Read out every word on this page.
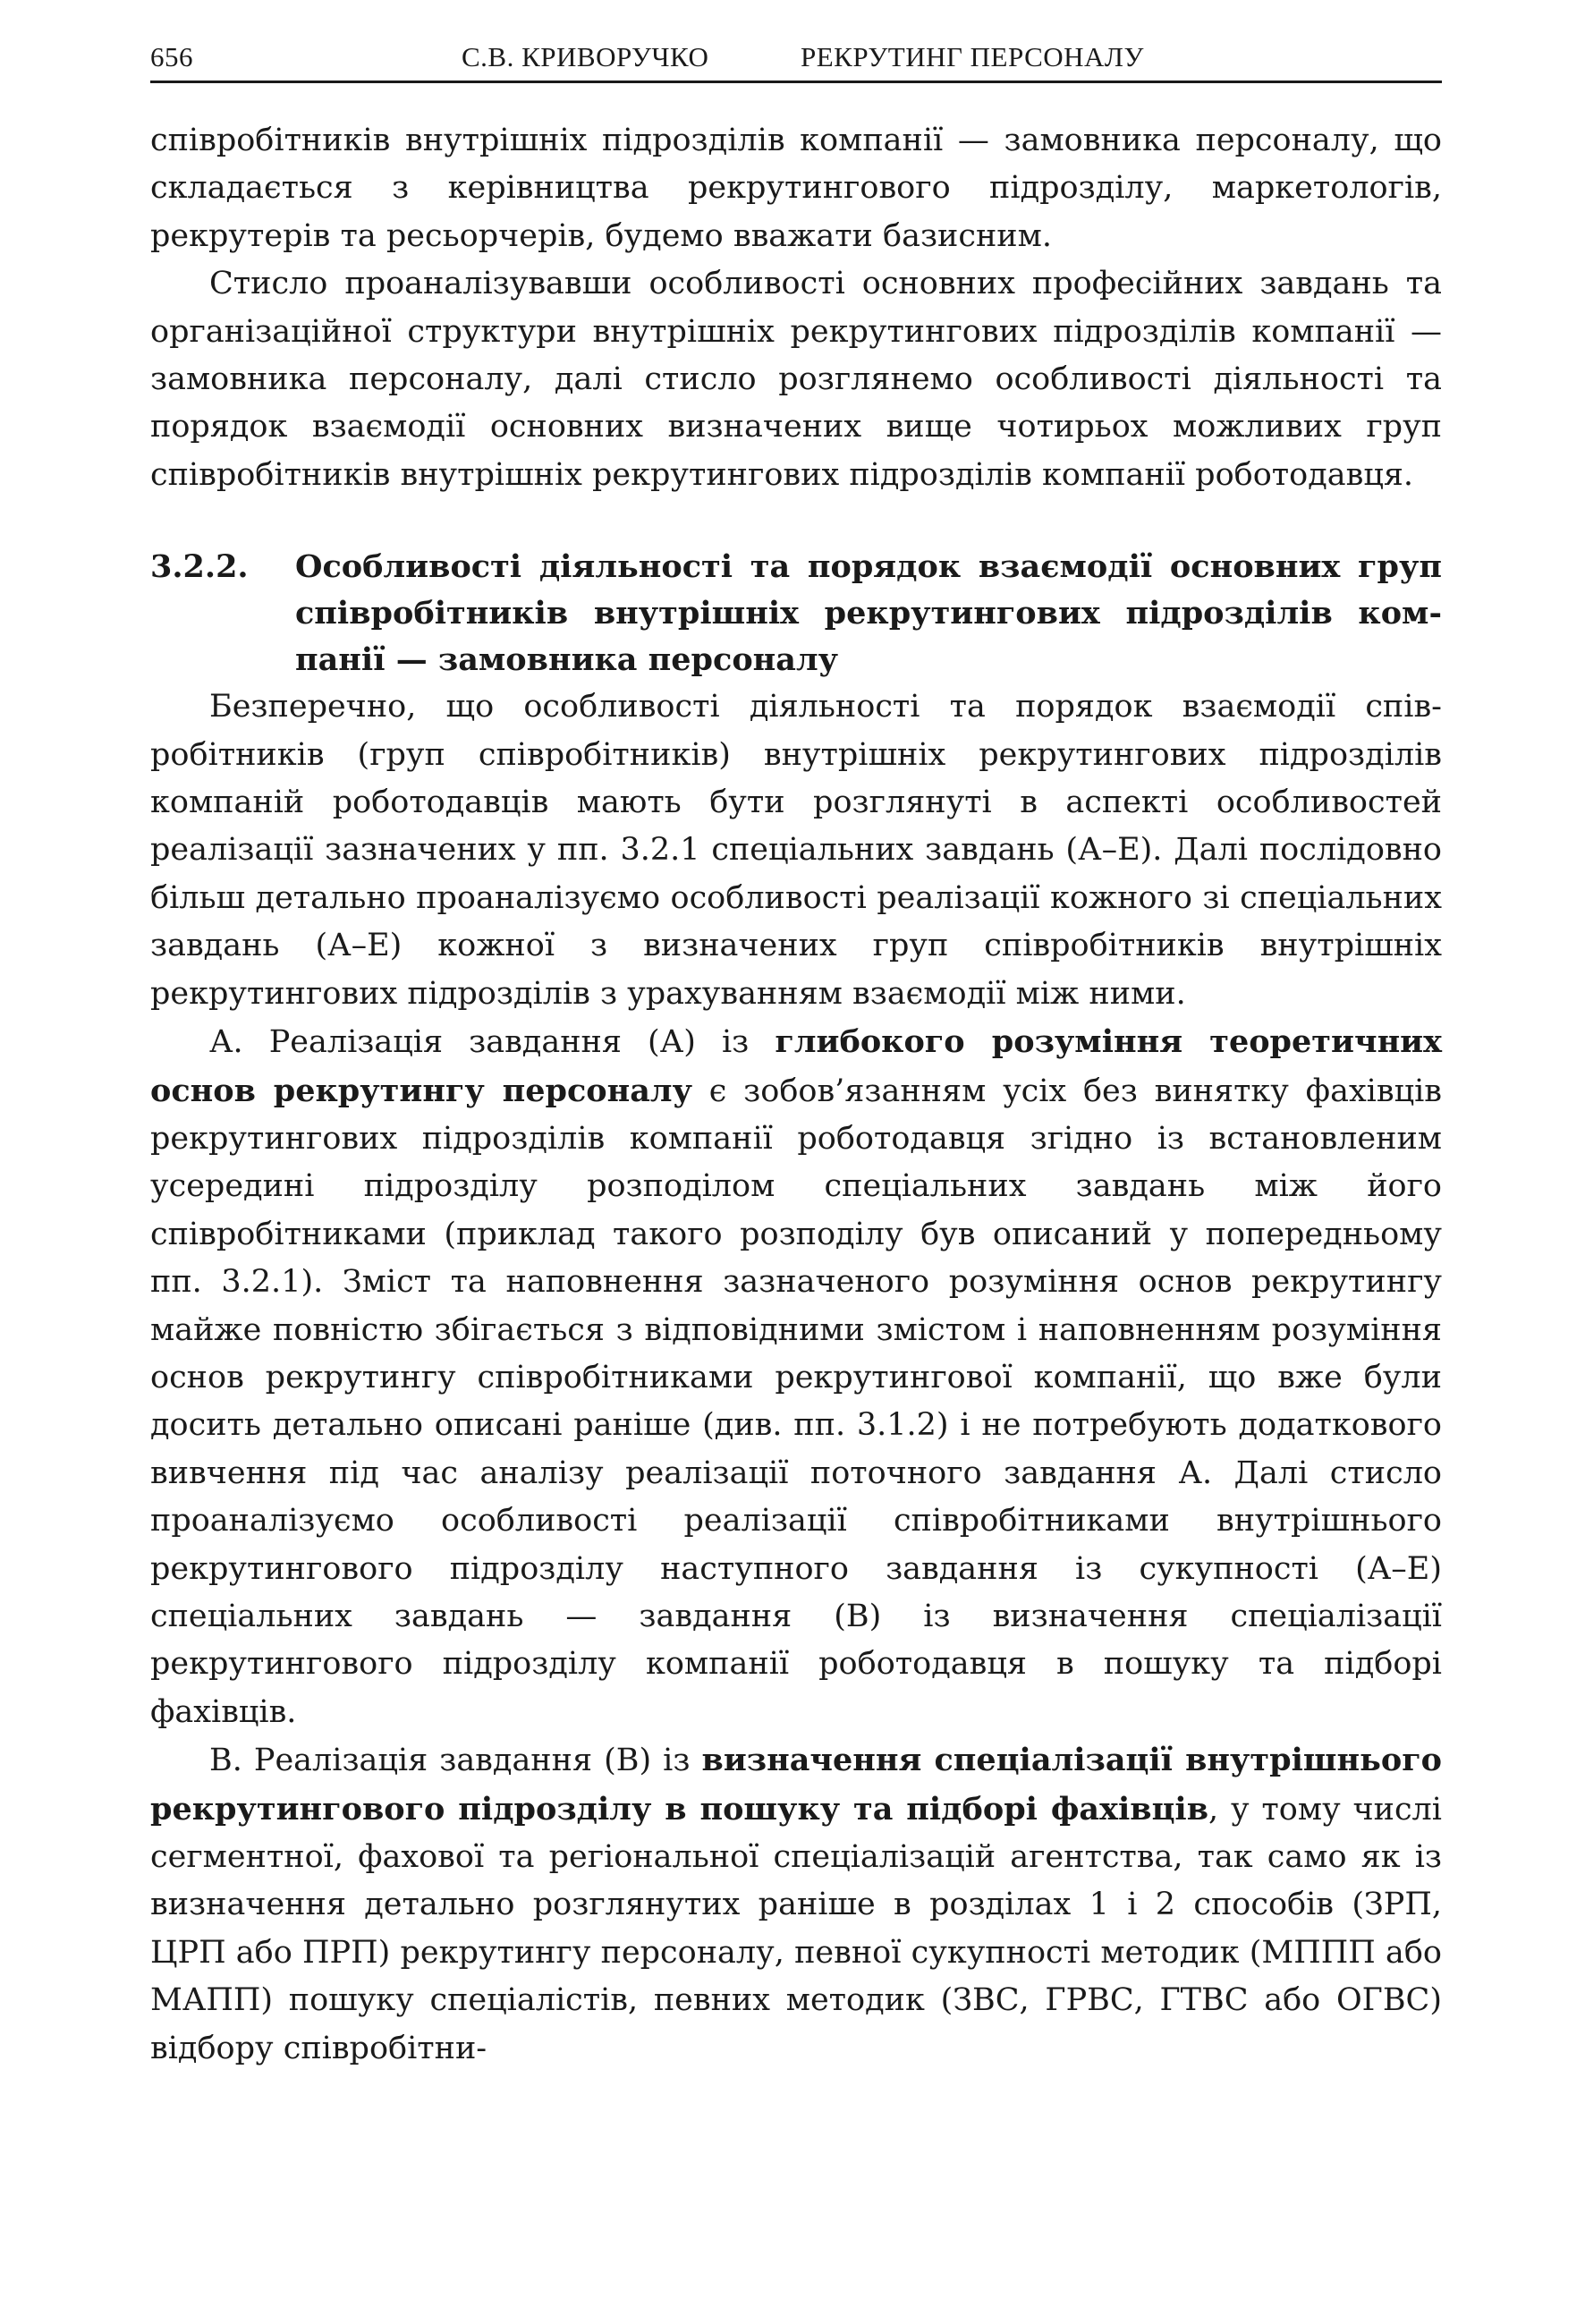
656	С.В. КРИВОРУЧКО	РЕКРУТИНГ ПЕРСОНАЛУ

співробітників внутрішніх підрозділів компанії — замовника персоналу, що складається з керівництва рекрутингового підрозділу, маркетологів, рекрутерів та ресьорчерів, будемо вважати базисним.

Стисло проаналізувавши особливості основних професійних завдань та організаційної структури внутрішніх рекрутингових підрозділів компанії — замовника персоналу, далі стисло розглянемо особливості діяльності та порядок взаємодії основних визначених вище чотирьох можливих груп співробітників внутрішніх рекрутингових підрозділів компанії роботодавця.

3.2.2.	Особливості діяльності та порядок взаємодії основних груп співробітників внутрішніх рекрутингових підрозділів компанії — замовника персоналу

Безперечно, що особливості діяльності та порядок взаємодії співробітників (груп співробітників) внутрішніх рекрутингових підрозділів компаній роботодавців мають бути розглянуті в аспекті особливостей реалізації зазначених у пп. 3.2.1 спеціальних завдань (А–Е). Далі послідовно більш детально проаналізуємо особливості реалізації кожного зі спеціальних завдань (А–Е) кожної з визначених груп співробітників внутрішніх рекрутингових підрозділів з урахуванням взаємодії між ними.

А. Реалізація завдання (А) із глибокого розуміння теоретичних основ рекрутингу персоналу є зобов’язанням усіх без винятку фахівців рекрутингових підрозділів компанії роботодавця згідно із встановленим усередині підрозділу розподілом спеціальних завдань між його співробітниками (приклад такого розподілу був описаний у попередньому пп. 3.2.1). Зміст та наповнення зазначеного розуміння основ рекрутингу майже повністю збігається з відповідними змістом і наповненням розуміння основ рекрутингу співробітниками рекрутингової компанії, що вже були досить детально описані раніше (див. пп. 3.1.2) і не потребують додаткового вивчення під час аналізу реалізації поточного завдання А. Далі стисло проаналізуємо особливості реалізації співробітниками внутрішнього рекрутингового підрозділу наступного завдання із сукупності (А–Е) спеціальних завдань — завдання (В) із визначення спеціалізації рекрутингового підрозділу компанії роботодавця в пошуку та підборі фахівців.

В. Реалізація завдання (В) із визначення спеціалізації внутрішнього рекрутингового підрозділу в пошуку та підборі фахівців, у тому числі сегментної, фахової та регіональної спеціалізацій агентства, так само як із визначення детально розглянутих раніше в розділах 1 і 2 способів (ЗРП, ЦРП або ПРП) рекрутингу персоналу, певної сукупності методик (МППП або МАПП) пошуку спеціалістів, певних методик (ЗВС, ГРВС, ГТВС або ОГВС) відбору співробітни-
